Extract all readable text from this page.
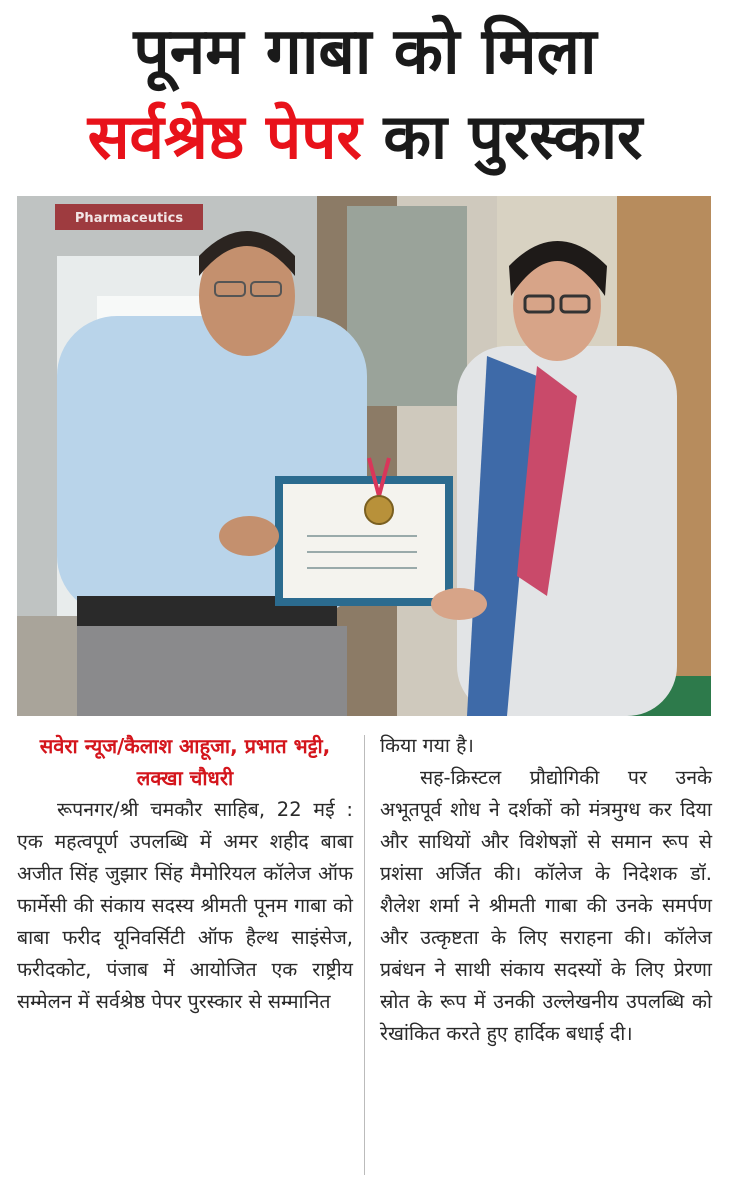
पूनम गाबा को मिला
सर्वश्रेष्ठ पेपर का पुरस्कार
Pharmaceutics
सवेरा न्यूज/कैलाश आहूजा, प्रभात भट्टी, लक्खा चौधरी

रूपनगर/श्री चमकौर साहिब, 22 मई : एक महत्वपूर्ण उपलब्धि में अमर शहीद बाबा अजीत सिंह जुझार सिंह मैमोरियल कॉलेज ऑफ फार्मेसी की संकाय सदस्य श्रीमती पूनम गाबा को बाबा फरीद यूनिवर्सिटी ऑफ हैल्थ साइंसेज, फरीदकोट, पंजाब में आयोजित एक राष्ट्रीय सम्मेलन में सर्वश्रेष्ठ पेपर पुरस्कार से सम्मानित

किया गया है।

सह-क्रिस्टल प्रौद्योगिकी पर उनके अभूतपूर्व शोध ने दर्शकों को मंत्रमुग्ध कर दिया और साथियों और विशेषज्ञों से समान रूप से प्रशंसा अर्जित की। कॉलेज के निदेशक डॉ. शैलेश शर्मा ने श्रीमती गाबा की उनके समर्पण और उत्कृष्टता के लिए सराहना की। कॉलेज प्रबंधन ने साथी संकाय सदस्यों के लिए प्रेरणा स्रोत के रूप में उनकी उल्लेखनीय उपलब्धि को रेखांकित करते हुए हार्दिक बधाई दी।
